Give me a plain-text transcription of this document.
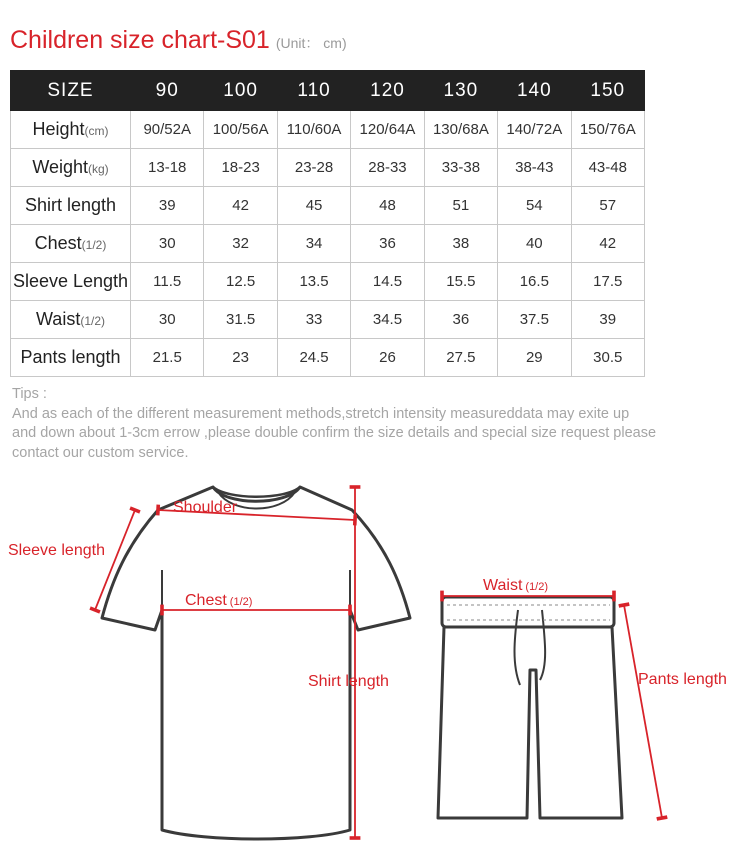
Children size chart-S01 (Unit： cm)
SIZE	90	100	110	120	130	140	150
Height(cm)	90/52A	100/56A	110/60A	120/64A	130/68A	140/72A	150/76A
Weight(kg)	13-18	18-23	23-28	28-33	33-38	38-43	43-48
Shirt length	39	42	45	48	51	54	57
Chest(1/2)	30	32	34	36	38	40	42
Sleeve Length	11.5	12.5	13.5	14.5	15.5	16.5	17.5
Waist(1/2)	30	31.5	33	34.5	36	37.5	39
Pants length	21.5	23	24.5	26	27.5	29	30.5
Tips :
And as each of the different measurement methods,stretch intensity measureddata may exite up
and down about 1-3cm errow ,please double confirm the size details and special size request please
contact our custom service.
Shoulder
Sleeve length
Chest (1/2)
Shirt length
Waist (1/2)
Pants length
